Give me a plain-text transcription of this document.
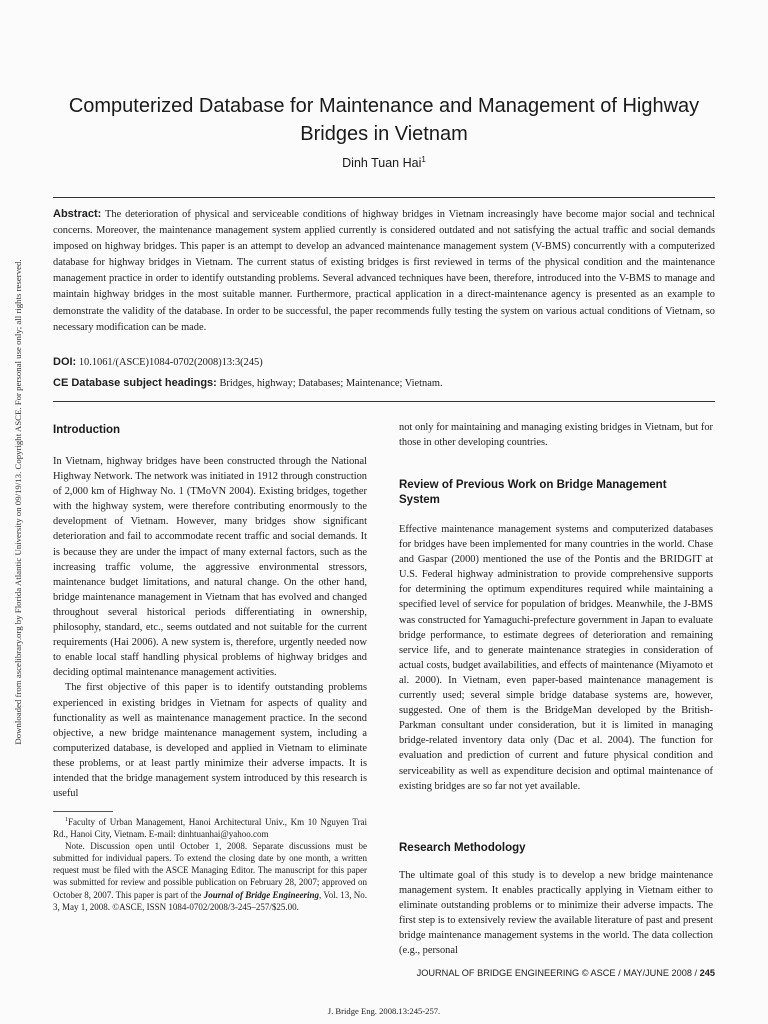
Downloaded from ascelibrary.org by Florida Atlantic University on 09/19/13. Copyright ASCE. For personal use only; all rights reserved.
Computerized Database for Maintenance and Management of Highway Bridges in Vietnam
Dinh Tuan Hai$^1$
Abstract: The deterioration of physical and serviceable conditions of highway bridges in Vietnam increasingly have become major social and technical concerns. Moreover, the maintenance management system applied currently is considered outdated and not satisfying the actual traffic and social demands imposed on highway bridges. This paper is an attempt to develop an advanced maintenance management system (V-BMS) concurrently with a computerized database for highway bridges in Vietnam. The current status of existing bridges is first reviewed in terms of the physical condition and the maintenance management practice in order to identify outstanding problems. Several advanced techniques have been, therefore, introduced into the V-BMS to manage and maintain highway bridges in the most suitable manner. Furthermore, practical application in a direct-maintenance agency is presented as an example to demonstrate the validity of the database. In order to be successful, the paper recommends fully testing the system on various actual conditions of Vietnam, so necessary modification can be made.
DOI: 10.1061/(ASCE)1084-0702(2008)13:3(245)
CE Database subject headings: Bridges, highway; Databases; Maintenance; Vietnam.
Introduction

In Vietnam, highway bridges have been constructed through the National Highway Network. The network was initiated in 1912 through construction of 2,000 km of Highway No. 1 (TMoVN 2004). Existing bridges, together with the highway system, were therefore contributing enormously to the development of Vietnam. However, many bridges show significant deterioration and fail to accommodate recent traffic and social demands. It is because they are under the impact of many external factors, such as the increasing traffic volume, the aggressive environmental stressors, maintenance budget limitations, and natural change. On the other hand, bridge maintenance management in Vietnam that has evolved and changed throughout several historical periods differentiating in ownership, philosophy, standard, etc., seems outdated and not suitable for the current requirements (Hai 2006). A new system is, therefore, urgently needed now to enable local staff handling physical problems of highway bridges and deciding optimal maintenance management activities.

The first objective of this paper is to identify outstanding problems experienced in existing bridges in Vietnam for aspects of quality and functionality as well as maintenance management practice. In the second objective, a new bridge maintenance management system, including a computerized database, is developed and applied in Vietnam to eliminate these problems, or at least partly minimize their adverse impacts. It is intended that the bridge management system introduced by this research is useful

$^1$Faculty of Urban Management, Hanoi Architectural Univ., Km 10 Nguyen Trai Rd., Hanoi City, Vietnam. E-mail: dinhtuanhai@yahoo.com

Note. Discussion open until October 1, 2008. Separate discussions must be submitted for individual papers. To extend the closing date by one month, a written request must be filed with the ASCE Managing Editor. The manuscript for this paper was submitted for review and possible publication on February 28, 2007; approved on October 8, 2007. This paper is part of the Journal of Bridge Engineering, Vol. 13, No. 3, May 1, 2008. ©ASCE, ISSN 1084-0702/2008/3-245–257/$25.00.

not only for maintaining and managing existing bridges in Vietnam, but for those in other developing countries.

Review of Previous Work on Bridge Management System

Effective maintenance management systems and computerized databases for bridges have been implemented for many countries in the world. Chase and Gaspar (2000) mentioned the use of the Pontis and the BRIDGIT at U.S. Federal highway administration to provide comprehensive supports for determining the optimum expenditures required while maintaining a specified level of service for population of bridges. Meanwhile, the J-BMS was constructed for Yamaguchi-prefecture government in Japan to evaluate bridge performance, to estimate degrees of deterioration and remaining service life, and to generate maintenance strategies in consideration of actual costs, budget availabilities, and effects of maintenance (Miyamoto et al. 2000). In Vietnam, even paper-based maintenance management is currently used; several simple bridge database systems are, however, suggested. One of them is the BridgeMan developed by the British-Parkman consultant under consideration, but it is limited in managing bridge-related inventory data only (Dac et al. 2004). The function for evaluation and prediction of current and future physical condition and serviceability as well as expenditure decision and optimal maintenance of existing bridges are so far not yet available.

Research Methodology

The ultimate goal of this study is to develop a new bridge maintenance management system. It enables practically applying in Vietnam either to eliminate outstanding problems or to minimize their adverse impacts. The first step is to extensively review the available literature of past and present bridge maintenance management systems in the world. The data collection (e.g., personal

JOURNAL OF BRIDGE ENGINEERING © ASCE / MAY/JUNE 2008 / 245
J. Bridge Eng. 2008.13:245-257.
